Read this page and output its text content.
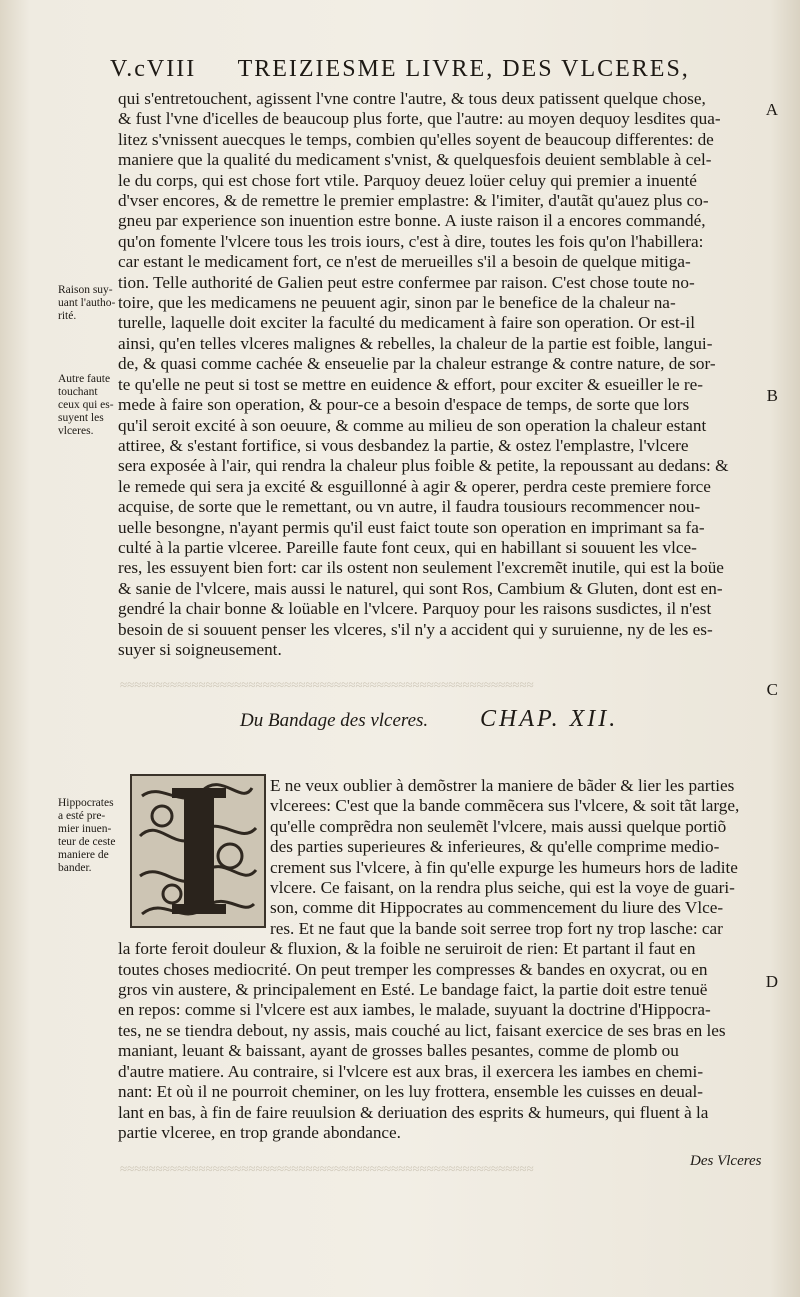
≈≈≈≈≈≈≈≈≈≈≈≈≈≈≈≈≈≈≈≈≈≈≈≈≈≈≈≈≈≈≈≈≈≈≈≈≈≈≈≈≈≈≈≈≈≈≈≈≈≈≈≈≈≈≈≈≈≈
≈≈≈≈≈≈≈≈≈≈≈≈≈≈≈≈≈≈≈≈≈≈≈≈≈≈≈≈≈≈≈≈≈≈≈≈≈≈≈≈≈≈≈≈≈≈≈≈≈≈≈≈≈≈≈≈≈≈
V.cVIII TREIZIESME LIVRE, DES VLCERES,
qui s'entretouchent, agissent l'vne contre l'autre, & tous deux patissent quelque chose,
& fust l'vne d'icelles de beaucoup plus forte, que l'autre: au moyen dequoy lesdites qua-
litez s'vnissent auecques le temps, combien qu'elles soyent de beaucoup differentes: de
maniere que la qualité du medicament s'vnist, & quelquesfois deuient semblable à cel-
le du corps, qui est chose fort vtile. Parquoy deuez loüer celuy qui premier a inuenté
d'vser encores, & de remettre le premier emplastre: & l'imiter, d'autãt qu'auez plus co-
gneu par experience son inuention estre bonne. A iuste raison il a encores commandé,
qu'on fomente l'vlcere tous les trois iours, c'est à dire, toutes les fois qu'on l'habillera:
car estant le medicament fort, ce n'est de merueilles s'il a besoin de quelque mitiga-
tion. Telle authorité de Galien peut estre confermee par raison. C'est chose toute no-
toire, que les medicamens ne peuuent agir, sinon par le benefice de la chaleur na-
turelle, laquelle doit exciter la faculté du medicament à faire son operation. Or est-il
ainsi, qu'en telles vlceres malignes & rebelles, la chaleur de la partie est foible, langui-
de, & quasi comme cachée & enseuelie par la chaleur estrange & contre nature, de sor-
te qu'elle ne peut si tost se mettre en euidence & effort, pour exciter & esueiller le re-
mede à faire son operation, & pour-ce a besoin d'espace de temps, de sorte que lors
qu'il seroit excité à son oeuure, & comme au milieu de son operation la chaleur estant
attiree, & s'estant fortifice, si vous desbandez la partie, & ostez l'emplastre, l'vlcere
sera exposée à l'air, qui rendra la chaleur plus foible & petite, la repoussant au dedans: &
le remede qui sera ja excité & esguillonné à agir & operer, perdra ceste premiere force
acquise, de sorte que le remettant, ou vn autre, il faudra tousiours recommencer nou-
uelle besongne, n'ayant permis qu'il eust faict toute son operation en imprimant sa fa-
culté à la partie vlceree. Pareille faute font ceux, qui en habillant si souuent les vlce-
res, les essuyent bien fort: car ils ostent non seulement l'excremẽt inutile, qui est la boüe
& sanie de l'vlcere, mais aussi le naturel, qui sont Ros, Cambium & Gluten, dont est en-
gendré la chair bonne & loüable en l'vlcere. Parquoy pour les raisons susdictes, il n'est
besoin de si souuent penser les vlceres, s'il n'y a accident qui y suruienne, ny de les es-
suyer si soigneusement.
Raison suy-
uant l'autho-
rité.
Autre faute
touchant
ceux qui es-
suyent les
vlceres.
Hippocrates
a esté pre-
mier inuen-
teur de ceste
maniere de
bander.
Du Bandage des vlceres. CHAP. XII.
E ne veux oublier à demõstrer la maniere de bãder & lier les parties
vlcerees: C'est que la bande commẽcera sus l'vlcere, & soit tãt large,
qu'elle comprẽdra non seulemẽt l'vlcere, mais aussi quelque portiõ
des parties superieures & inferieures, & qu'elle comprime medio-
crement sus l'vlcere, à fin qu'elle expurge les humeurs hors de ladite
vlcere. Ce faisant, on la rendra plus seiche, qui est la voye de guari-
son, comme dit Hippocrates au commencement du liure des Vlce-
res. Et ne faut que la bande soit serree trop fort ny trop lasche: car
la forte feroit douleur & fluxion, & la foible ne seruiroit de rien: Et partant il faut en
toutes choses mediocrité. On peut tremper les compresses & bandes en oxycrat, ou en
gros vin austere, & principalement en Esté. Le bandage faict, la partie doit estre tenuë
en repos: comme si l'vlcere est aux iambes, le malade, suyuant la doctrine d'Hippocra-
tes, ne se tiendra debout, ny assis, mais couché au lict, faisant exercice de ses bras en les
maniant, leuant & baissant, ayant de grosses balles pesantes, comme de plomb ou
d'autre matiere. Au contraire, si l'vlcere est aux bras, il exercera les iambes en chemi-
nant: Et où il ne pourroit cheminer, on les luy frottera, ensemble les cuisses en deual-
lant en bas, à fin de faire reuulsion & deriuation des esprits & humeurs, qui fluent à la
partie vlceree, en trop grande abondance.
A
B
C
D
Des Vlceres
